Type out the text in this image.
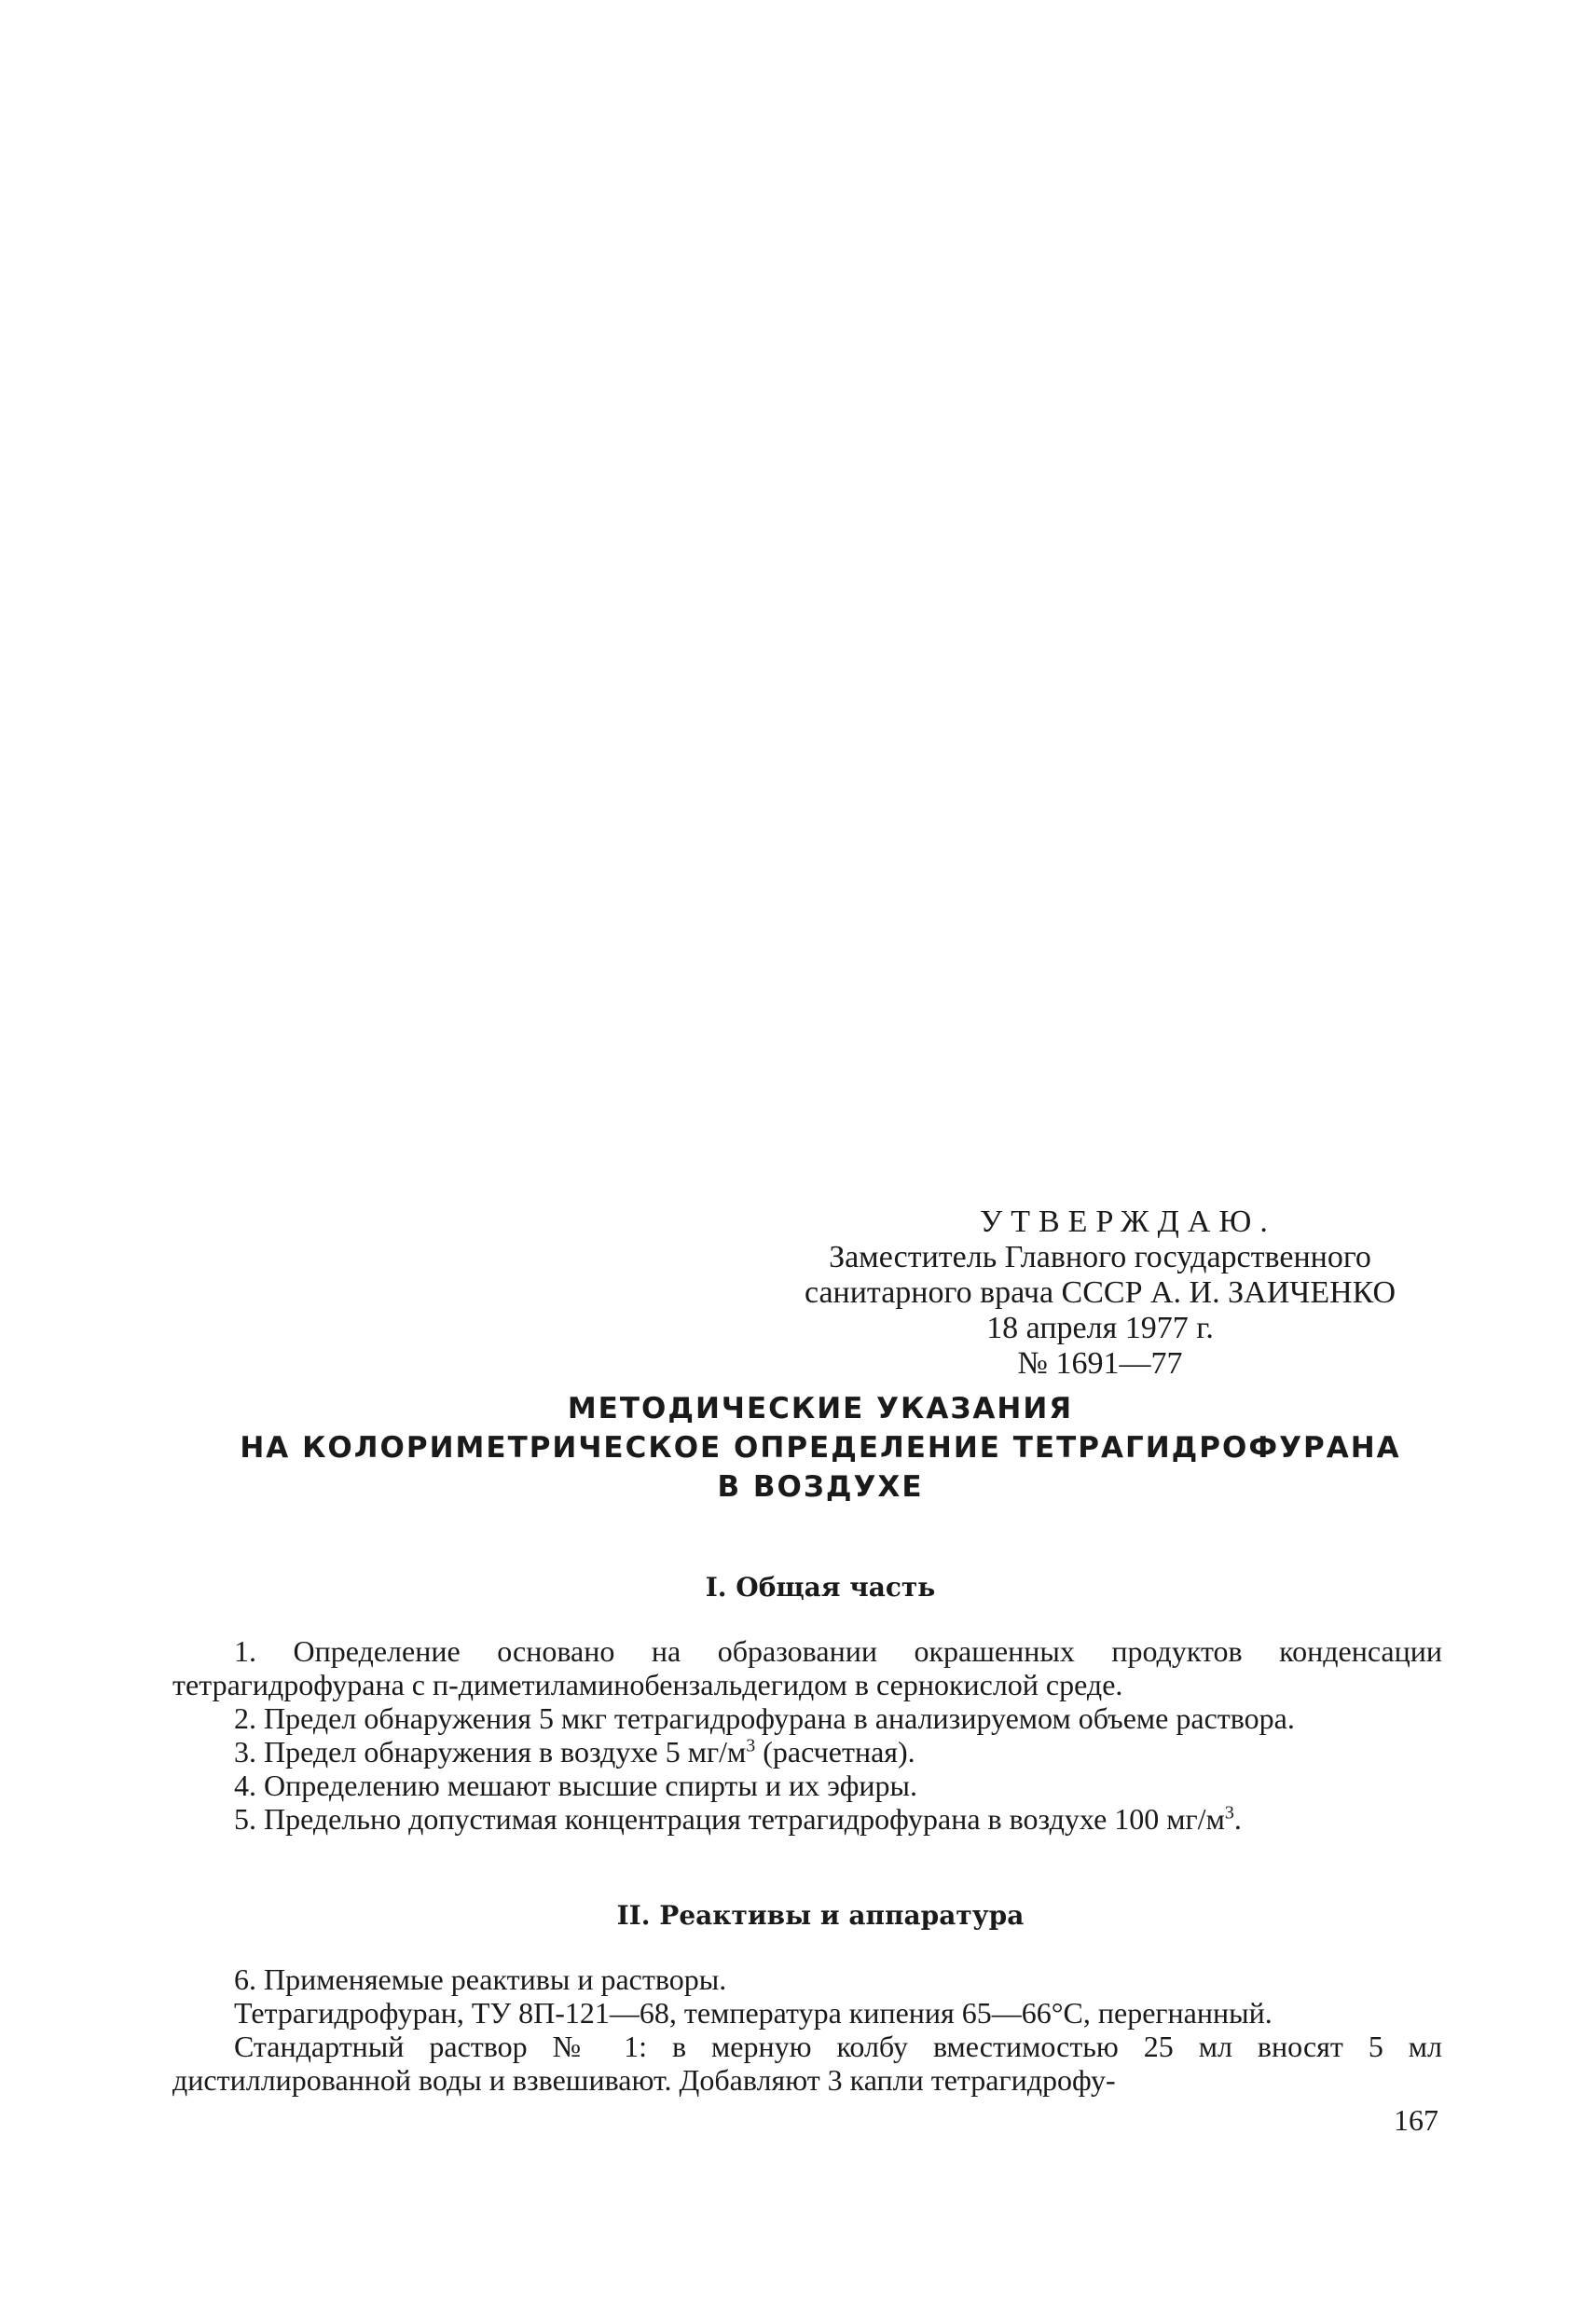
УТВЕРЖДАЮ.
Заместитель Главного государственного
санитарного врача СССР А. И. ЗАИЧЕНКО
18 апреля 1977 г.
№ 1691—77
МЕТОДИЧЕСКИЕ УКАЗАНИЯ
НА КОЛОРИМЕТРИЧЕСКОЕ ОПРЕДЕЛЕНИЕ ТЕТРАГИДРОФУРАНА
В ВОЗДУХЕ
I. Общая часть

1. Определение основано на образовании окрашенных продуктов конденсации тетрагидрофурана с п-диметиламинобензальдегидом в сернокислой среде.

2. Предел обнаружения 5 мкг тетрагидрофурана в анализируемом объеме раствора.

3. Предел обнаружения в воздухе 5 $мг/м^3$ (расчетная).

4. Определению мешают высшие спирты и их эфиры.

5. Предельно допустимая концентрация тетрагидрофурана в воздухе 100 $мг/м^3$.

II. Реактивы и аппаратура

6. Применяемые реактивы и растворы.

Тетрагидрофуран, ТУ 8П-121—68, температура кипения 65—66°С, перегнанный.

Стандартный раствор № 1: в мерную колбу вместимостью 25 мл вносят 5 мл дистиллированной воды и взвешивают. Добавляют 3 капли тетрагидрофу-

167
